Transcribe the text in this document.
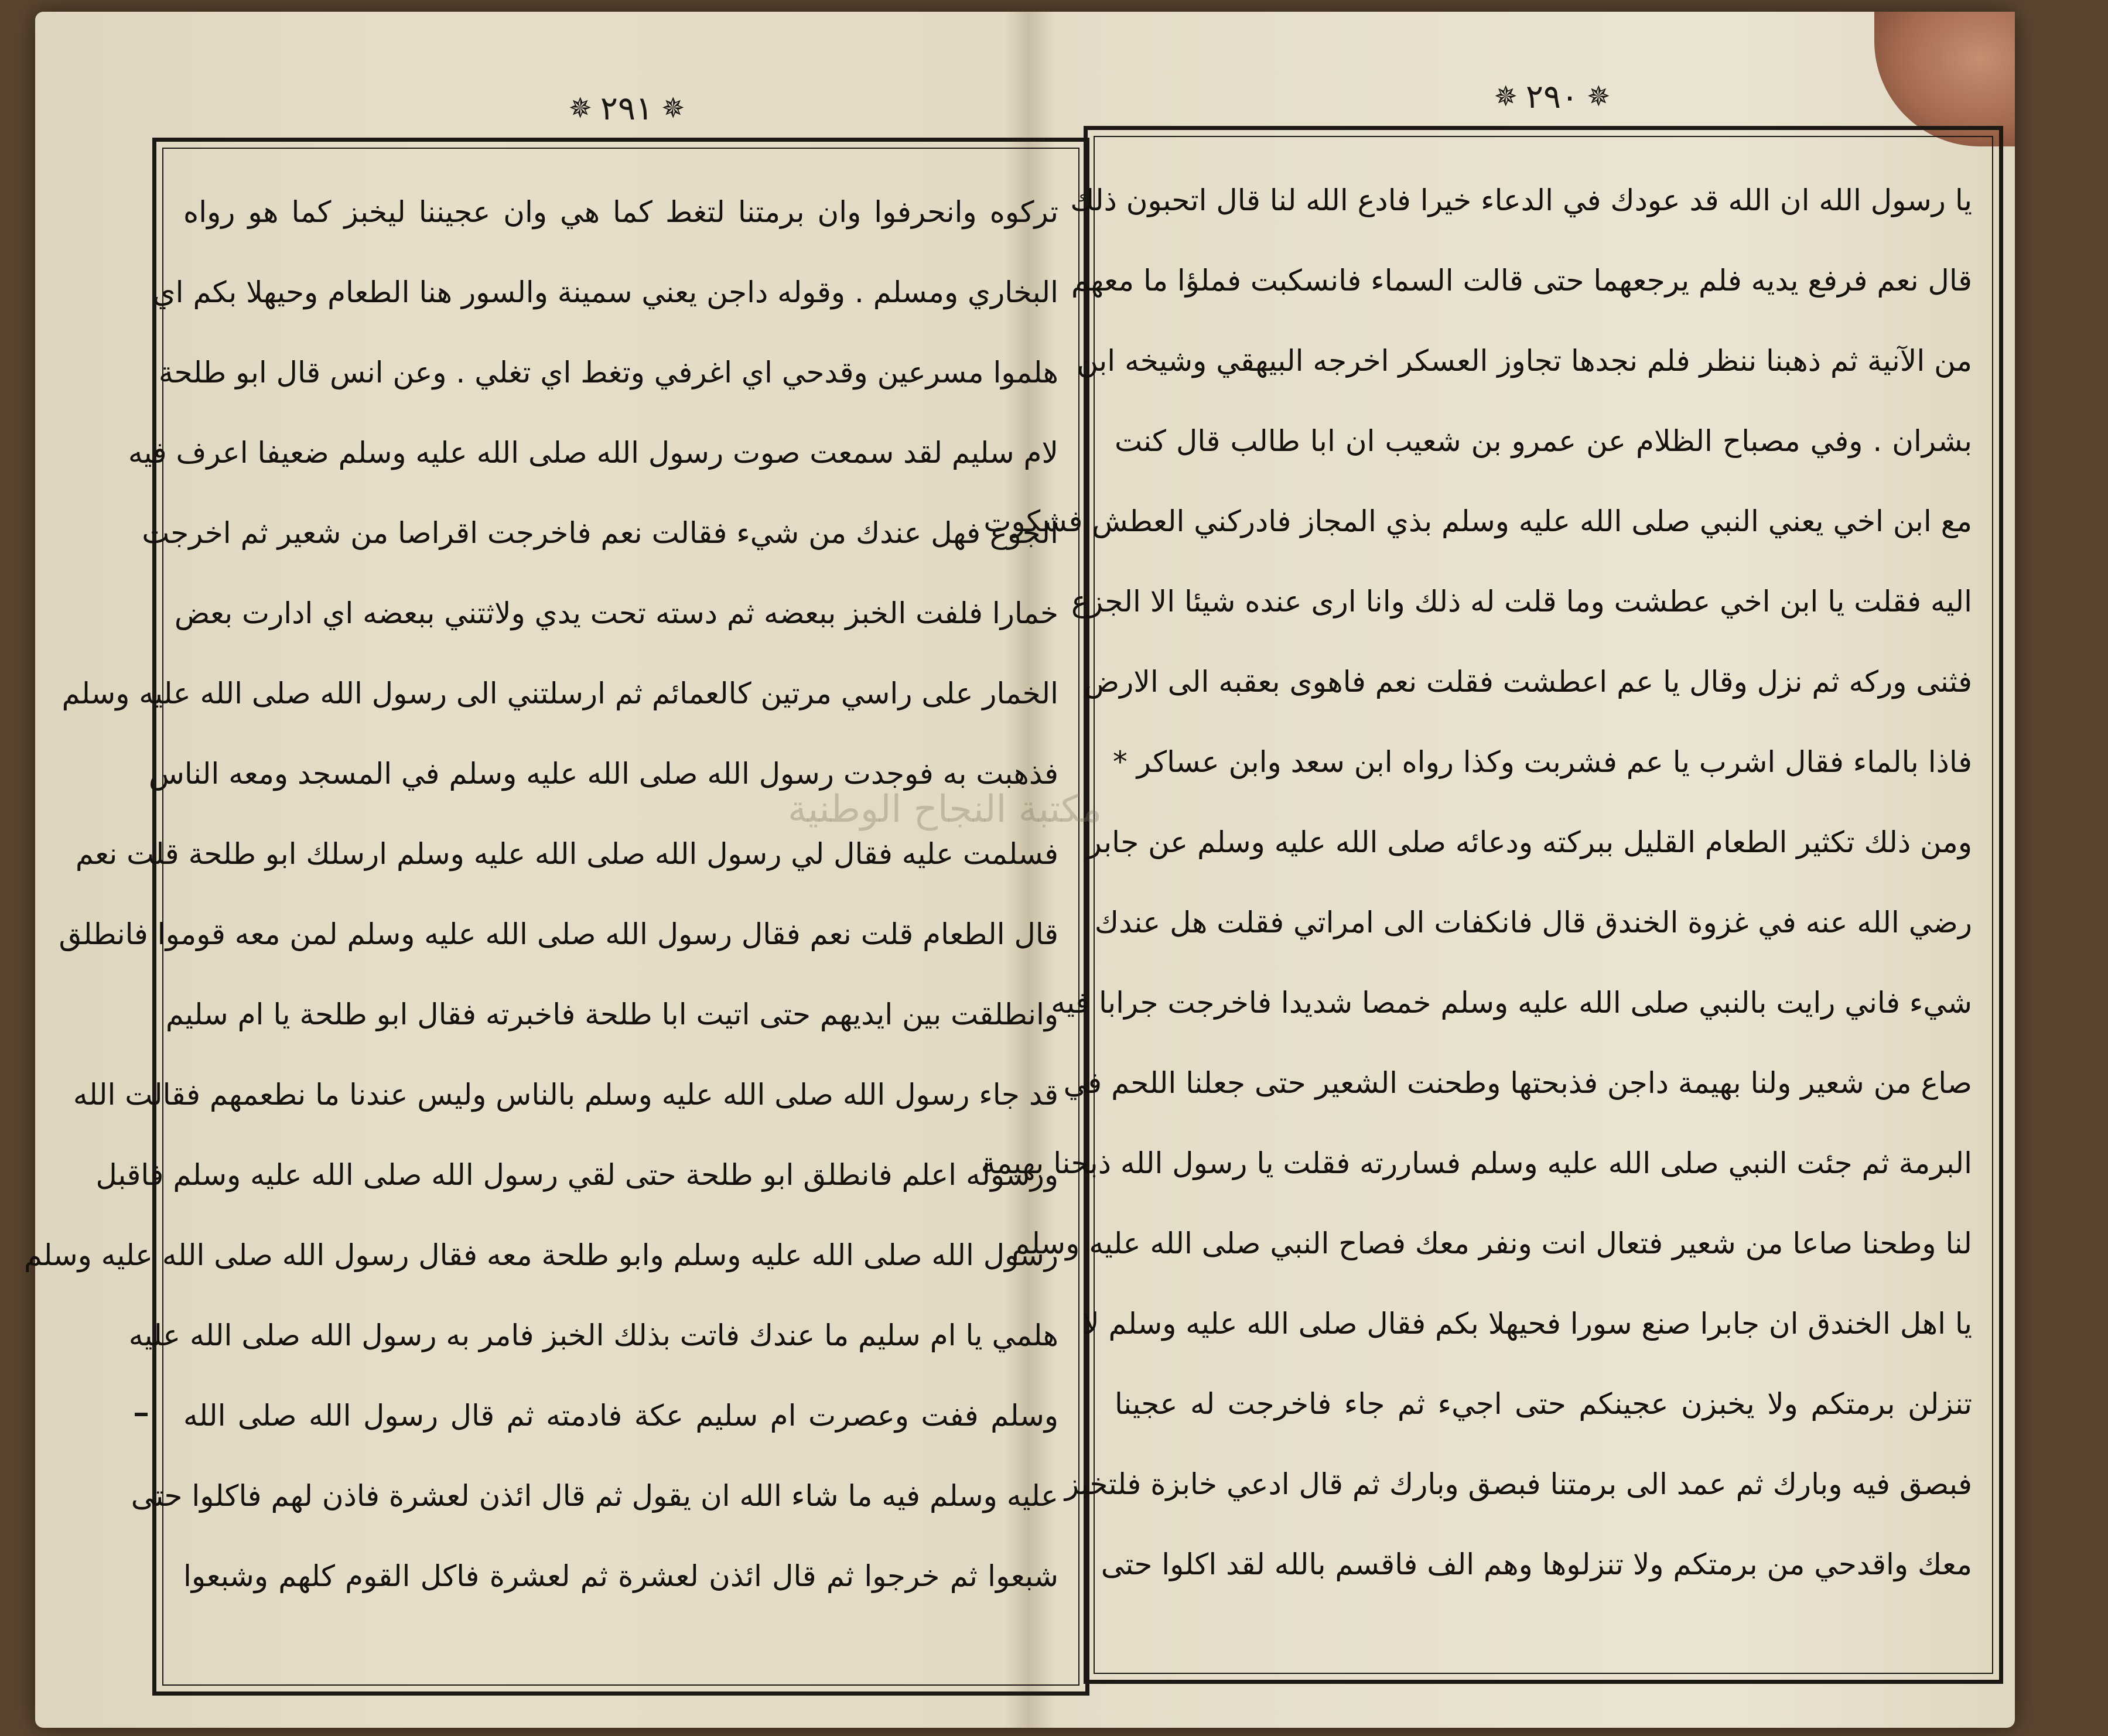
✵
٢٩١
✵
تركوه وانحرفوا وان برمتنا لتغط كما هي وان عجيننا ليخبز كما هو رواه
البخاري ومسلم . وقوله داجن يعني سمينة والسور هنا الطعام وحيهلا بكم اي
هلموا مسرعين وقدحي اي اغرفي وتغط اي تغلي . وعن انس قال ابو طلحة
لام سليم لقد سمعت صوت رسول الله صلى الله عليه وسلم ضعيفا اعرف فيه
الجوع فهل عندك من شيء فقالت نعم فاخرجت اقراصا من شعير ثم اخرجت
خمارا فلفت الخبز ببعضه ثم دسته تحت يدي ولاثتني ببعضه اي ادارت بعض
الخمار على راسي مرتين كالعمائم ثم ارسلتني الى رسول الله صلى الله عليه وسلم
فذهبت به فوجدت رسول الله صلى الله عليه وسلم في المسجد ومعه الناس
فسلمت عليه فقال لي رسول الله صلى الله عليه وسلم ارسلك ابو طلحة قلت نعم
قال الطعام قلت نعم فقال رسول الله صلى الله عليه وسلم لمن معه قوموا فانطلق
وانطلقت بين ايديهم حتى اتيت ابا طلحة فاخبرته فقال ابو طلحة يا ام سليم
قد جاء رسول الله صلى الله عليه وسلم بالناس وليس عندنا ما نطعمهم فقالت الله
ورسوله اعلم فانطلق ابو طلحة حتى لقي رسول الله صلى الله عليه وسلم فاقبل
رسول الله صلى الله عليه وسلم وابو طلحة معه فقال رسول الله صلى الله عليه وسلم
هلمي يا ام سليم ما عندك فاتت بذلك الخبز فامر به رسول الله صلى الله عليه
وسلم ففت وعصرت ام سليم عكة فادمته ثم قال رسول الله صلى الله
عليه وسلم فيه ما شاء الله ان يقول ثم قال ائذن لعشرة فاذن لهم فاكلوا حتى
شبعوا ثم خرجوا ثم قال ائذن لعشرة ثم لعشرة فاكل القوم كلهم وشبعوا
✵
٢٩٠
✵
يا رسول الله ان الله قد عودك في الدعاء خيرا فادع الله لنا قال اتحبون ذلك
قال نعم فرفع يديه فلم يرجعهما حتى قالت السماء فانسكبت فملؤا ما معهم
من الآنية ثم ذهبنا ننظر فلم نجدها تجاوز العسكر اخرجه البيهقي وشيخه ابن
بشران . وفي مصباح الظلام عن عمرو بن شعيب ان ابا طالب قال كنت
مع ابن اخي يعني النبي صلى الله عليه وسلم بذي المجاز فادركني العطش فشكوت
اليه فقلت يا ابن اخي عطشت وما قلت له ذلك وانا ارى عنده شيئا الا الجزع
فثنى وركه ثم نزل وقال يا عم اعطشت فقلت نعم فاهوى بعقبه الى الارض
فاذا بالماء فقال اشرب يا عم فشربت وكذا رواه ابن سعد وابن عساكر *
ومن ذلك تكثير الطعام القليل ببركته ودعائه صلى الله عليه وسلم عن جابر
رضي الله عنه في غزوة الخندق قال فانكفات الى امراتي فقلت هل عندك
شيء فاني رايت بالنبي صلى الله عليه وسلم خمصا شديدا فاخرجت جرابا فيه
صاع من شعير ولنا بهيمة داجن فذبحتها وطحنت الشعير حتى جعلنا اللحم في
البرمة ثم جئت النبي صلى الله عليه وسلم فساررته فقلت يا رسول الله ذبحنا بهيمة
لنا وطحنا صاعا من شعير فتعال انت ونفر معك فصاح النبي صلى الله عليه وسلم
يا اهل الخندق ان جابرا صنع سورا فحيهلا بكم فقال صلى الله عليه وسلم لا
تنزلن برمتكم ولا يخبزن عجينكم حتى اجيء ثم جاء فاخرجت له عجينا
فبصق فيه وبارك ثم عمد الى برمتنا فبصق وبارك ثم قال ادعي خابزة فلتخبز
معك واقدحي من برمتكم ولا تنزلوها وهم الف فاقسم بالله لقد اكلوا حتى
مكتبة النجاح الوطنية
